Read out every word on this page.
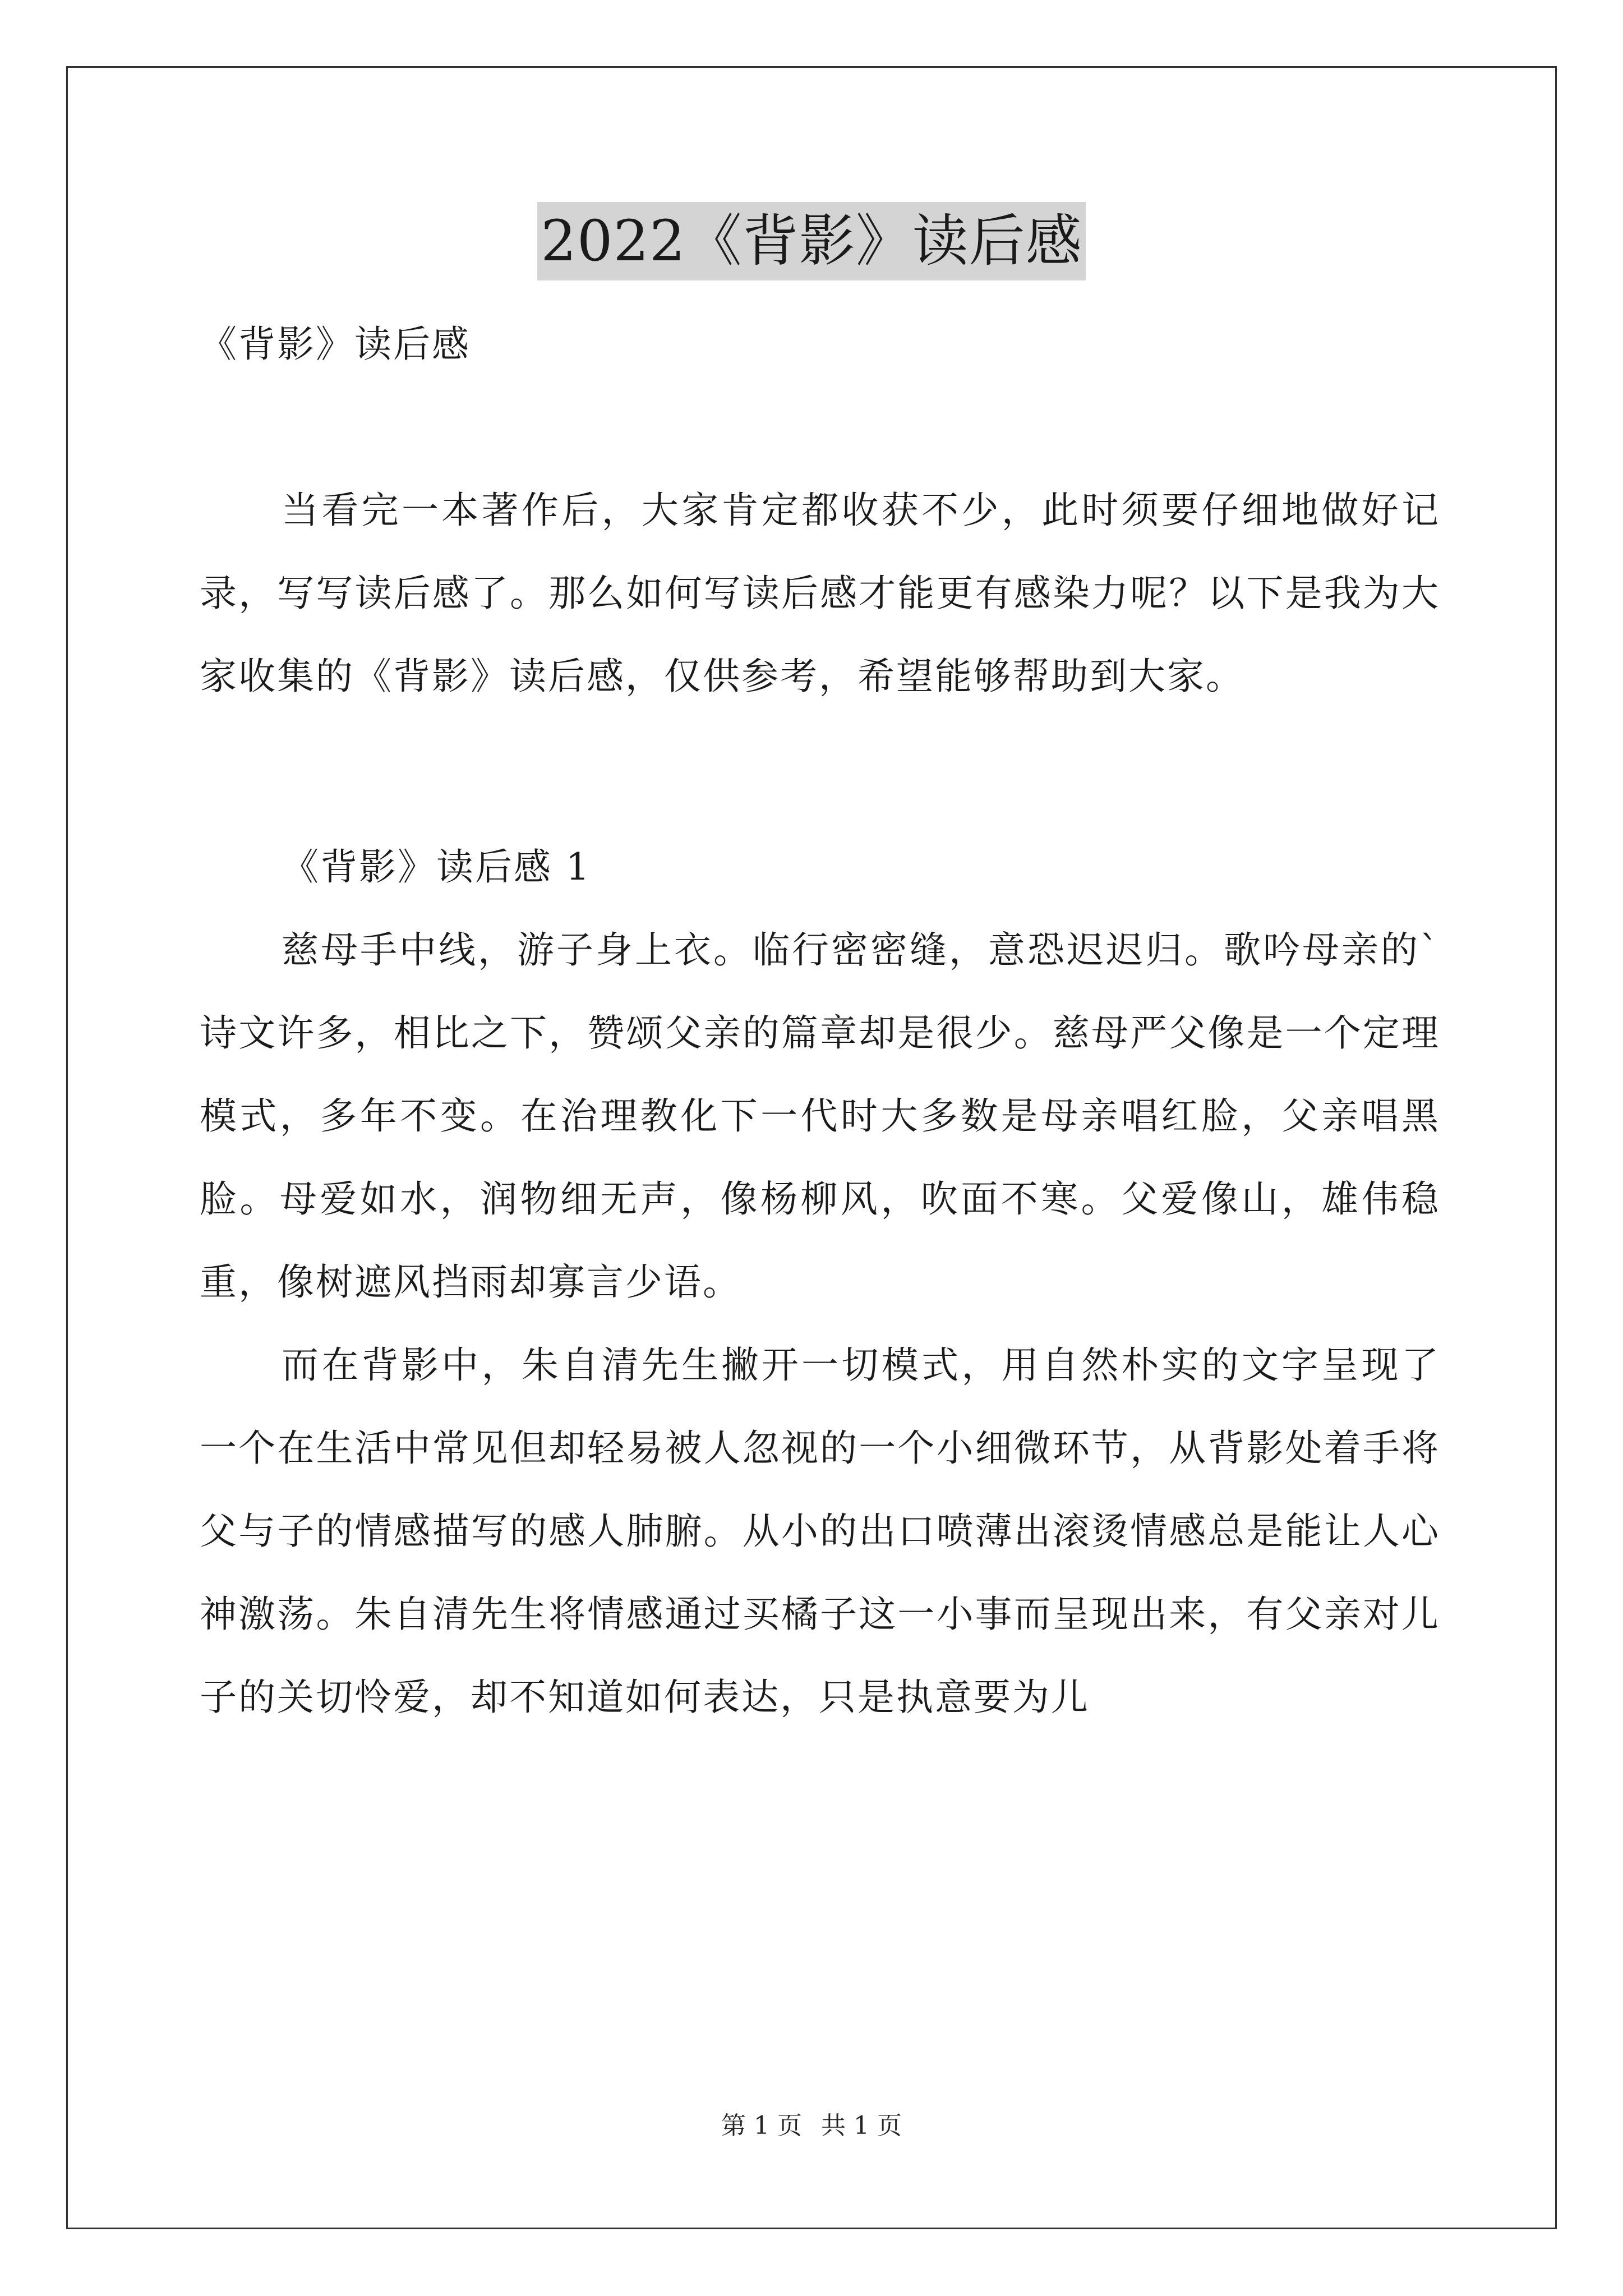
2022《背影》读后感

《背影》读后感

当看完一本著作后，大家肯定都收获不少，此时须要仔细地做好记录，写写读后感了。那么如何写读后感才能更有感染力呢？以下是我为大家收集的《背影》读后感，仅供参考，希望能够帮助到大家。

《背影》读后感 1

慈母手中线，游子身上衣。临行密密缝，意恐迟迟归。歌吟母亲的`诗文许多，相比之下，赞颂父亲的篇章却是很少。慈母严父像是一个定理模式，多年不变。在治理教化下一代时大多数是母亲唱红脸，父亲唱黑脸。母爱如水，润物细无声，像杨柳风，吹面不寒。父爱像山，雄伟稳重，像树遮风挡雨却寡言少语。

而在背影中，朱自清先生撇开一切模式，用自然朴实的文字呈现了一个在生活中常见但却轻易被人忽视的一个小细微环节，从背影处着手将父与子的情感描写的感人肺腑。从小的出口喷薄出滚烫情感总是能让人心神激荡。朱自清先生将情感通过买橘子这一小事而呈现出来，有父亲对儿子的关切怜爱，却不知道如何表达，只是执意要为儿

第 1 页 共 1 页
